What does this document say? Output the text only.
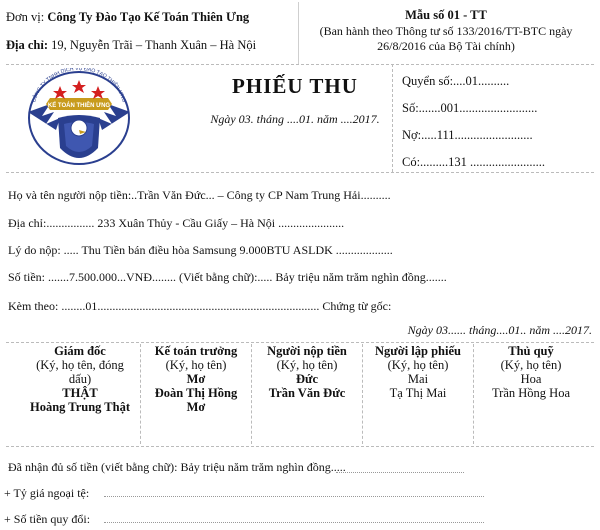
Đơn vị: Công Ty Đào Tạo Kế Toán Thiên Ưng
Địa chỉ: 19, Nguyễn Trãi – Thanh Xuân – Hà Nội
Mẫu số 01 - TT
(Ban hành theo Thông tư số 133/2016/TT-BTC ngày
26/8/2016 của Bộ Tài chính)
CÔNG TY TNHH DỊCH VỤ ĐÀO TẠO THIÊN ƯNG
KẾ TOÁN THIÊN ƯNG
PHIẾU THU
Ngày 03. tháng ....01. năm ....2017.
Quyển số:....01..........
Số:.......001.........................
Nợ:.....111.........................
Có:.........131 ........................
Họ và tên người nộp tiền:..Trần Văn Đức... – Công ty CP Nam Trung Hải..........
Địa chỉ:................ 233 Xuân Thủy - Cầu Giấy – Hà Nội ......................
Lý do nộp: ..... Thu Tiền bán điều hòa Samsung 9.000BTU ASLDK ...................
Số tiền: .......7.500.000...VNĐ........ (Viết bằng chữ):..... Bảy triệu năm trăm nghìn đồng.......
Kèm theo: ........01.......................................................................... Chứng từ gốc:
Ngày 03...... tháng....01.. năm ....2017.
Giám đốc
(Ký, họ tên, đóng dấu)
THẬT
Hoàng Trung Thật
Kế toán trưởng
(Ký, họ tên)
Mơ
Đoàn Thị Hồng Mơ
Người nộp tiền
(Ký, họ tên)
Đức
Trần Văn Đức
Người lập phiếu
(Ký, họ tên)
Mai
Tạ Thị Mai
Thủ quỹ
(Ký, họ tên)
Hoa
Trần Hồng Hoa
Đã nhận đủ số tiền (viết bằng chữ): Bảy triệu năm trăm nghìn đồng.....
+ Tỷ giá ngoại tệ:
+ Số tiền quy đổi:
